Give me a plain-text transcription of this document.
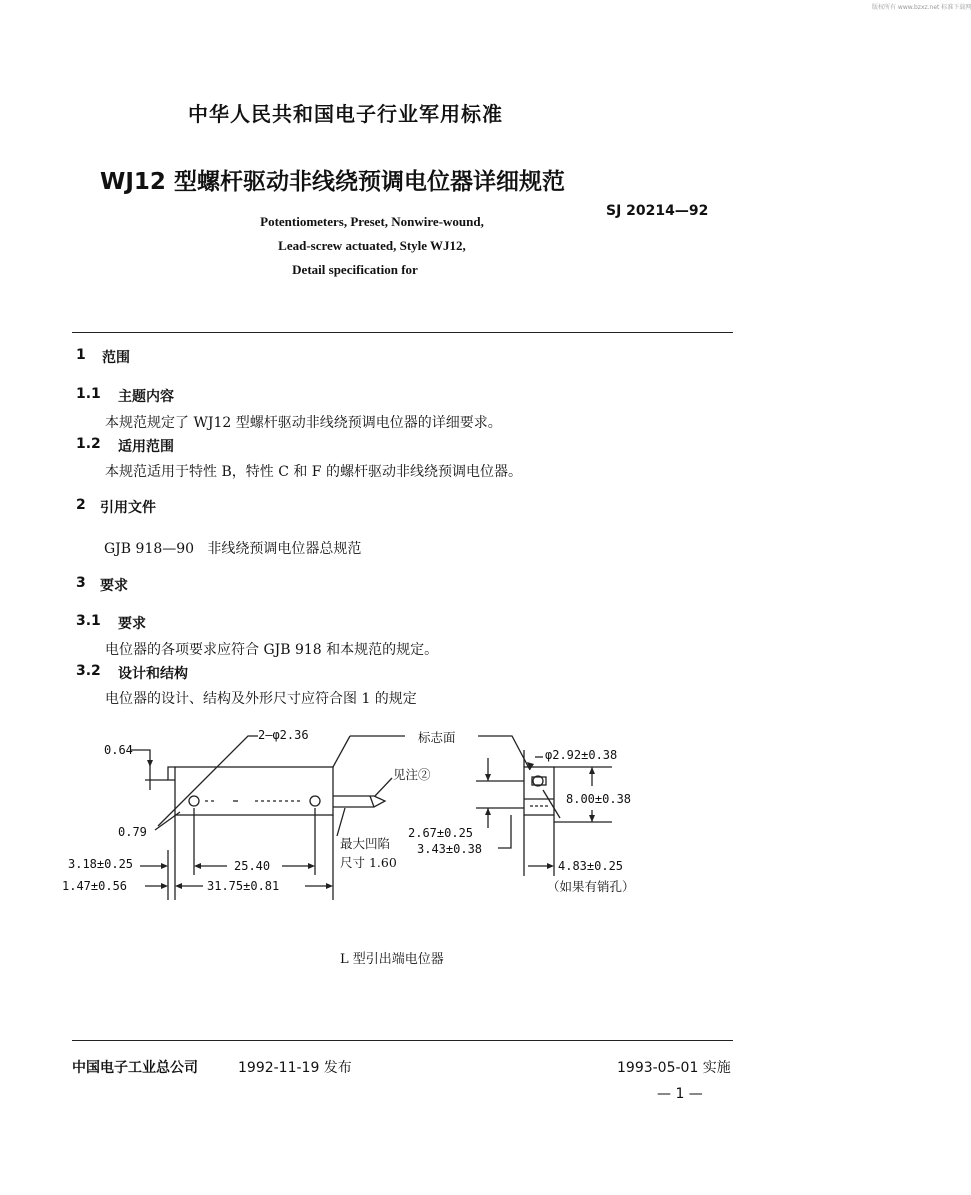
版权所有 www.bzxz.net 标准下载网
中华人民共和国电子行业军用标准
WJ12 型螺杆驱动非线绕预调电位器详细规范
SJ 20214—92
Potentiometers, Preset, Nonwire-wound,
Lead-screw actuated, Style WJ12,
Detail specification for
1 范围
1.1 主题内容
本规范规定了 WJ12 型螺杆驱动非线绕预调电位器的详细要求。
1.2 适用范围
本规范适用于特性 B，特性 C 和 F 的螺杆驱动非线绕预调电位器。
2 引用文件
GJB 918—90   非线绕预调电位器总规范
3 要求
3.1 要求
电位器的各项要求应符合 GJB 918 和本规范的规定。
3.2 设计和结构
电位器的设计、结构及外形尺寸应符合图 1 的规定
0.64
2—φ2.36	标志面
见注②
0.79
最大凹陷
尺寸 1.60
3.18±0.25	25.40
1.47±0.56	31.75±0.81
φ2.92±0.38
8.00±0.38
2.67±0.25
3.43±0.38
4.83±0.25
（如果有销孔）
L 型引出端电位器
中国电子工业总公司	1992-11-19 发布	1993-05-01 实施
— 1 —
